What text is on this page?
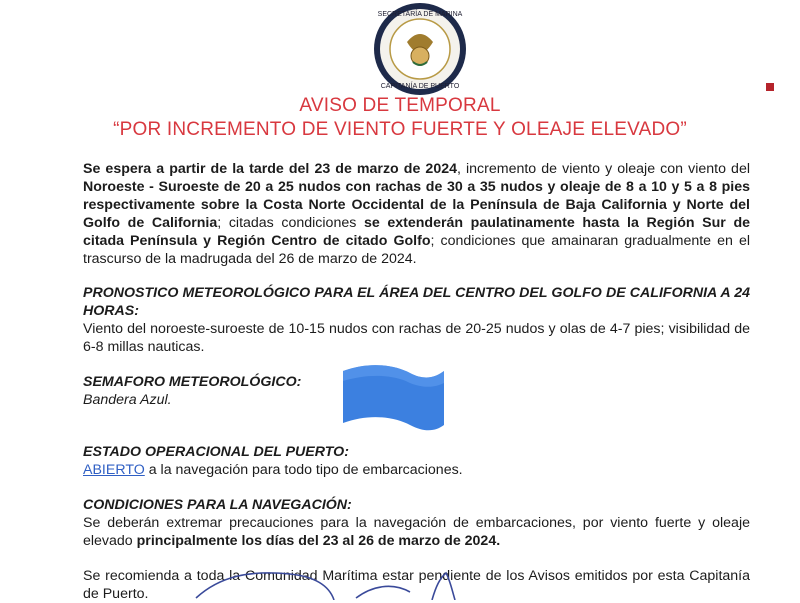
SECRETARÍA DE MARINA
CAPITANÍA DE PUERTO
AVISO DE TEMPORAL
“POR INCREMENTO DE VIENTO FUERTE Y OLEAJE ELEVADO”

Se espera a partir de la tarde del 23 de marzo de 2024, incremento de viento y oleaje con viento del Noroeste - Suroeste de 20 a 25 nudos con rachas de 30 a 35 nudos y oleaje de 8 a 10 y 5 a 8 pies respectivamente sobre la Costa Norte Occidental de la Península de Baja California y Norte del Golfo de California; citadas condiciones se extenderán paulatinamente hasta la Región Sur de citada Península y Región Centro de citado Golfo; condiciones que amainaran gradualmente en el trascurso de la madrugada del 26 de marzo de 2024.

PRONOSTICO METEOROLÓGICO PARA EL ÁREA DEL CENTRO DEL GOLFO DE CALIFORNIA A 24 HORAS:
Viento del noroeste-suroeste de 10-15 nudos con rachas de 20-25 nudos y olas de 4-7 pies; visibilidad de 6-8 millas nauticas.

SEMAFORO METEOROLÓGICO:
Bandera Azul.

ESTADO OPERACIONAL DEL PUERTO:
ABIERTO a la navegación para todo tipo de embarcaciones.

CONDICIONES PARA LA NAVEGACIÓN:
Se deberán extremar precauciones para la navegación de embarcaciones, por viento fuerte y oleaje elevado principalmente los días del 23 al 26 de marzo de 2024.

Se recomienda a toda la Comunidad Marítima estar pendiente de los Avisos emitidos por esta Capitanía de Puerto.
